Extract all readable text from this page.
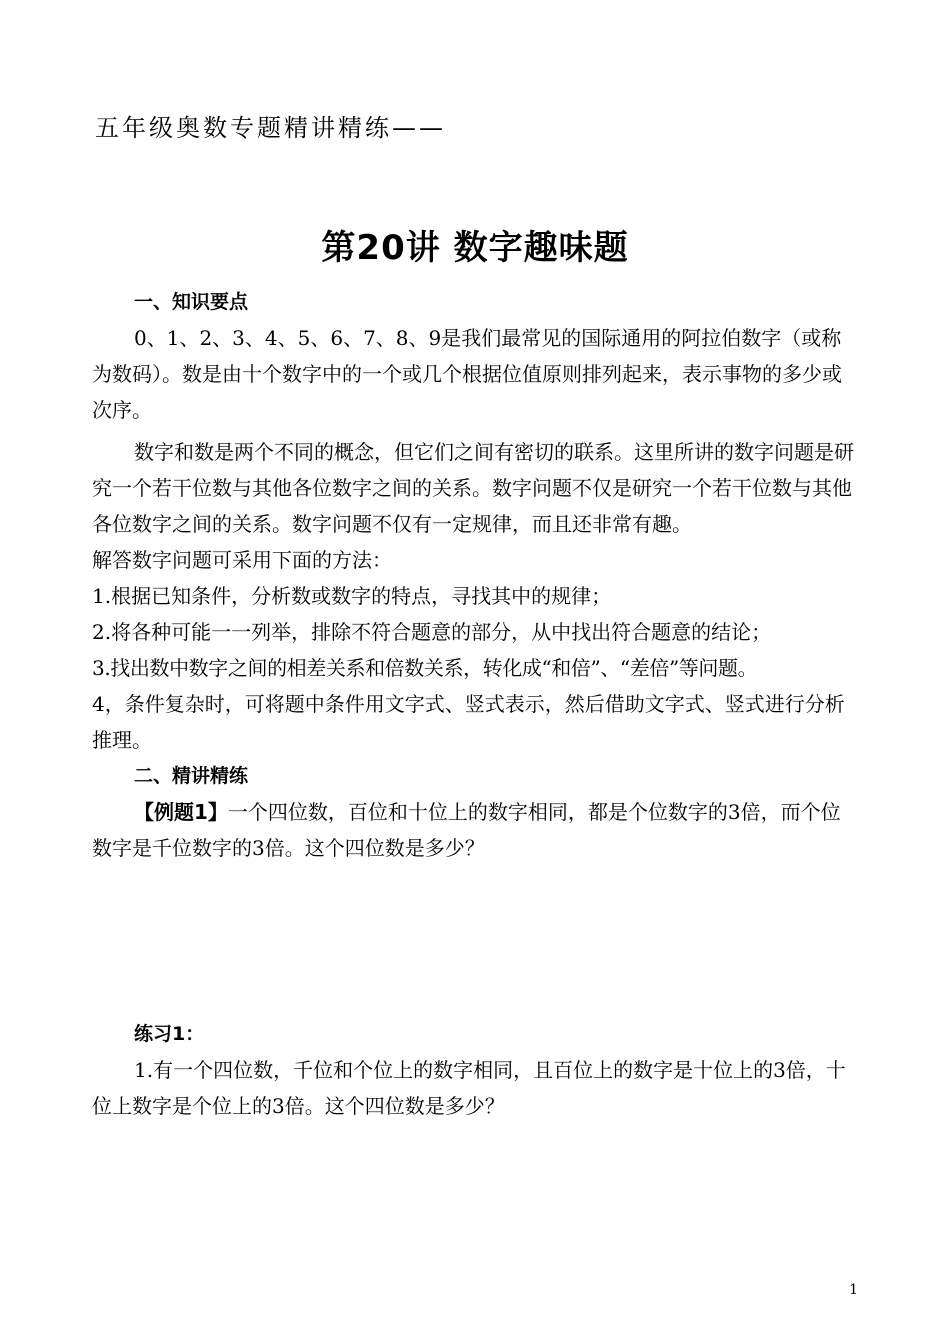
五年级奥数专题精讲精练——
第20讲 数字趣味题

一、知识要点

0、1、2、3、4、5、6、7、8、9是我们最常见的国际通用的阿拉伯数字（或称为数码）。数是由十个数字中的一个或几个根据位值原则排列起来，表示事物的多少或次序。

数字和数是两个不同的概念，但它们之间有密切的联系。这里所讲的数字问题是研究一个若干位数与其他各位数字之间的关系。数字问题不仅是研究一个若干位数与其他各位数字之间的关系。数字问题不仅有一定规律，而且还非常有趣。

解答数字问题可采用下面的方法：

1.根据已知条件，分析数或数字的特点，寻找其中的规律；

2.将各种可能一一列举，排除不符合题意的部分，从中找出符合题意的结论；

3.找出数中数字之间的相差关系和倍数关系，转化成“和倍”、“差倍”等问题。

4，条件复杂时，可将题中条件用文字式、竖式表示，然后借助文字式、竖式进行分析推理。

二、精讲精练

【例题1】一个四位数，百位和十位上的数字相同，都是个位数字的3倍，而个位数字是千位数字的3倍。这个四位数是多少？

练习1：

1.有一个四位数，千位和个位上的数字相同，且百位上的数字是十位上的3倍，十位上数字是个位上的3倍。这个四位数是多少？

1
